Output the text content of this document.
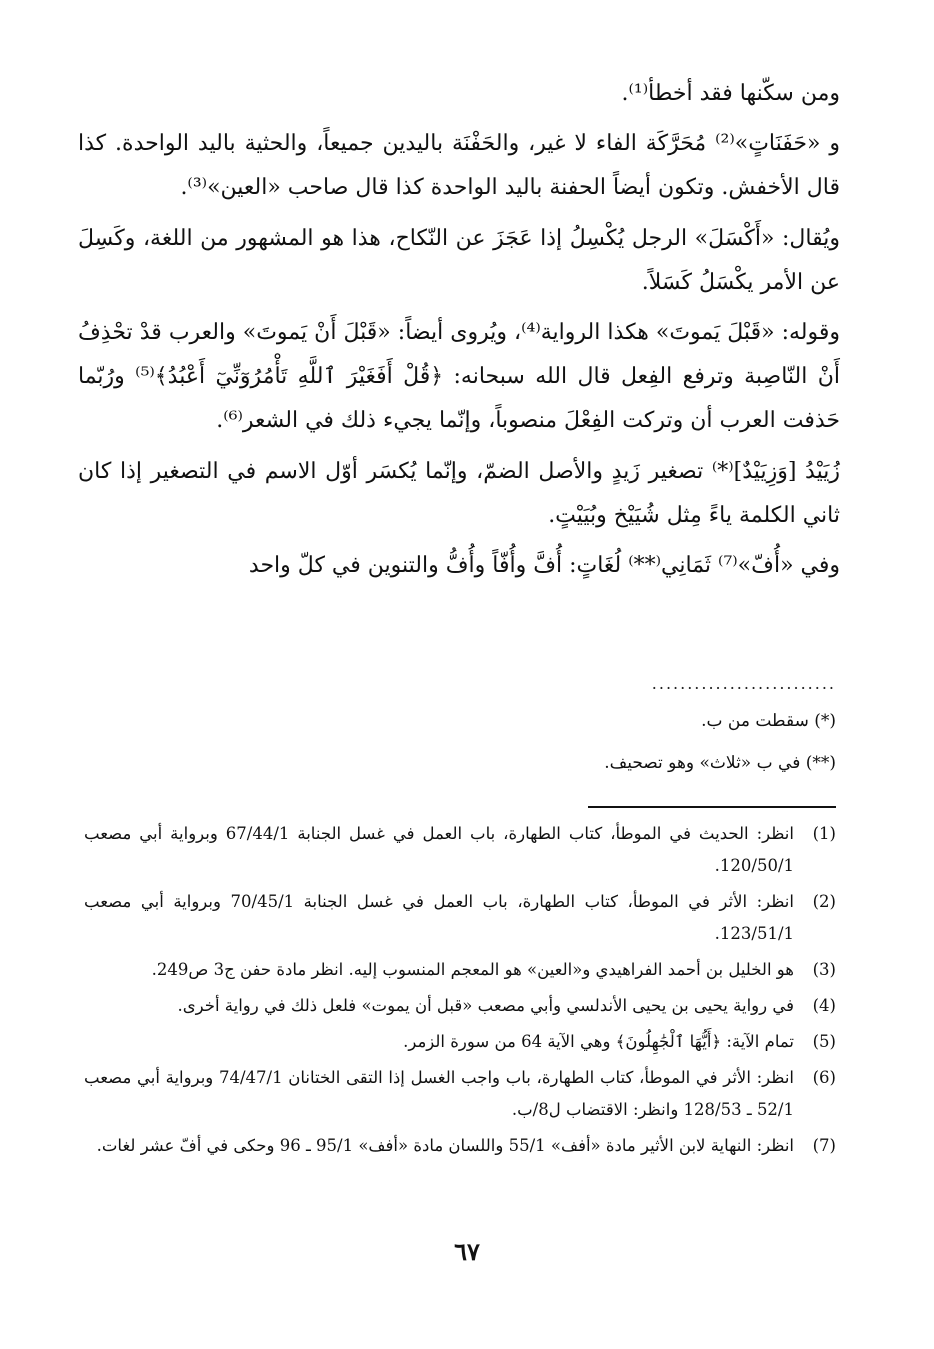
ومن سكّنها فقد أخطأ⁽¹⁾.

و «حَفَنَاتٍ»⁽²⁾ مُحَرَّكَة الفاء لا غير، والحَفْنَة باليدين جميعاً، والحثية باليد الواحدة. كذا قال الأخفش. وتكون أيضاً الحفنة باليد الواحدة كذا قال صاحب «العين»⁽³⁾.

ويُقال: «أَكْسَلَ» الرجل يُكْسِلُ إذا عَجَزَ عن النّكاح، هذا هو المشهور من اللغة، وكَسِلَ عن الأمر يكْسَلُ كَسَلاً.

وقوله: «قَبْلَ يَموتَ» هكذا الرواية⁽⁴⁾، ويُروى أيضاً: «قَبْلَ أَنْ يَموتَ» والعرب قدْ تحْذِفُ أَنْ النّاصِبة وترفع الفِعل قال الله سبحانه: ﴿قُلْ أَفَغَيْرَ ٱللَّهِ تَأْمُرُوٓنِّيٓ أَعْبُدُ﴾⁽⁵⁾ ورُبّما حَذفت العرب أن وتركت الفِعْلَ منصوباً، وإنّما يجيء ذلك في الشعر⁽⁶⁾.

زُيَيْدُ [وَزِيَيْدٌ]⁽*⁾ تصغير زَيدٍ والأصل الضمّ، وإنّما يُكسَر أوّل الاسم في التصغير إذا كان ثاني الكلمة ياءً مِثل شُيَيْخ وبُيَيْتٍ.

وفي «أُفّ»⁽⁷⁾ ثَمَانِي⁽**⁾ لُغَاتٍ: أُفَّ وأُفّاً وأُفُّ والتنوين في كلّ واحد

..........................
(*) سقطت من ب.
(**) في ب «ثلاث» وهو تصحيف.
(1)
انظر: الحديث في الموطأ، كتاب الطهارة، باب العمل في غسل الجنابة 67/44/1 وبرواية أبي مصعب 120/50/1.
(2)
انظر: الأثر في الموطأ، كتاب الطهارة، باب العمل في غسل الجنابة 70/45/1 وبرواية أبي مصعب 123/51/1.
(3)
هو الخليل بن أحمد الفراهيدي و«العين» هو المعجم المنسوب إليه. انظر مادة حفن ج3 ص249.
(4)
في رواية يحيى بن يحيى الأندلسي وأبي مصعب «قبل أن يموت» فلعل ذلك في رواية أخرى.
(5)
تمام الآية: ﴿أَيُّهَا ٱلْجَٰهِلُونَ﴾ وهي الآية 64 من سورة الزمر.
(6)
انظر: الأثر في الموطأ، كتاب الطهارة، باب واجب الغسل إذا التقى الختانان 74/47/1 وبرواية أبي مصعب 52/1 ـ 128/53 وانظر: الاقتضاب ل8/ب.
(7)
انظر: النهاية لابن الأثير مادة «أفف» 55/1 واللسان مادة «أفف» 95/1 ـ 96 وحكى في أفّ عشر لغات.
٦٧
